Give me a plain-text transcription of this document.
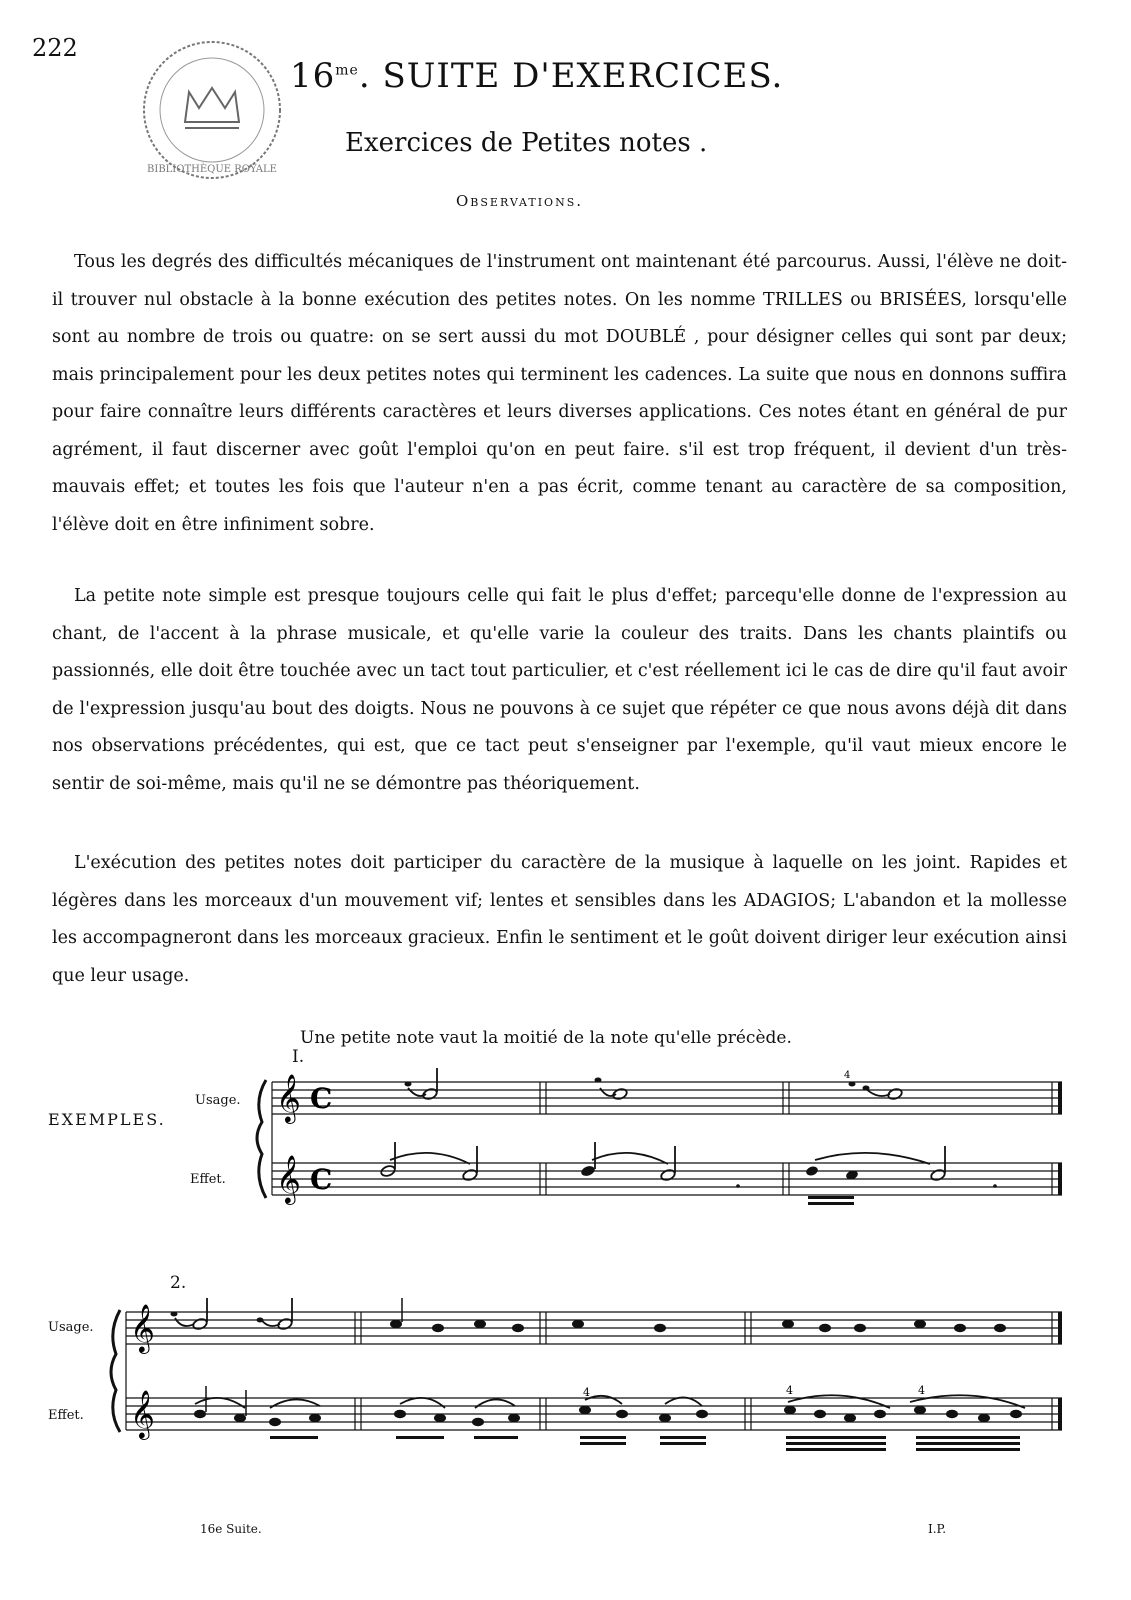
222
BIBLIOTHÈQUE ROYALE
$16^{me}$. SUITE D'EXERCICES.
Exercices de Petites notes .
Observations.
Tous les degrés des difficultés mécaniques de l'instrument ont maintenant été parcourus. Aussi, l'élève ne doit-il trouver nul obstacle à la bonne exécution des petites notes. On les nomme TRILLES ou BRISÉES, lorsqu'elle sont au nombre de trois ou quatre: on se sert aussi du mot DOUBLÉ , pour désigner celles qui sont par deux; mais principalement pour les deux petites notes qui terminent les cadences. La suite que nous en donnons suffira pour faire connaître leurs différents caractères et leurs diverses applications. Ces notes étant en général de pur agrément, il faut discerner avec goût l'emploi qu'on en peut faire. s'il est trop fréquent, il devient d'un très-mauvais effet; et toutes les fois que l'auteur n'en a pas écrit, comme tenant au caractère de sa composition, l'élève doit en être infiniment sobre.
La petite note simple est presque toujours celle qui fait le plus d'effet; parcequ'elle donne de l'expression au chant, de l'accent à la phrase musicale, et qu'elle varie la couleur des traits. Dans les chants plaintifs ou passionnés, elle doit être touchée avec un tact tout particulier, et c'est réellement ici le cas de dire qu'il faut avoir de l'expression jusqu'au bout des doigts. Nous ne pouvons à ce sujet que répéter ce que nous avons déjà dit dans nos observations précédentes, qui est, que ce tact peut s'enseigner par l'exemple, qu'il vaut mieux encore le sentir de soi-même, mais qu'il ne se démontre pas théoriquement.
L'exécution des petites notes doit participer du caractère de la musique à laquelle on les joint. Rapides et légères dans les morceaux d'un mouvement vif; lentes et sensibles dans les ADAGIOS; L'abandon et la mollesse les accompagneront dans les morceaux gracieux. Enfin le sentiment et le goût doivent diriger leur exécution ainsi que leur usage.
Une petite note vaut la moitié de la note qu'elle précède.
I.
EXEMPLES.
Usage.
Effet.
2.
Usage.
Effet.
𝄞
𝄞
C
C
4
𝄞
𝄞	4	4	4
16e Suite.	I.P.
